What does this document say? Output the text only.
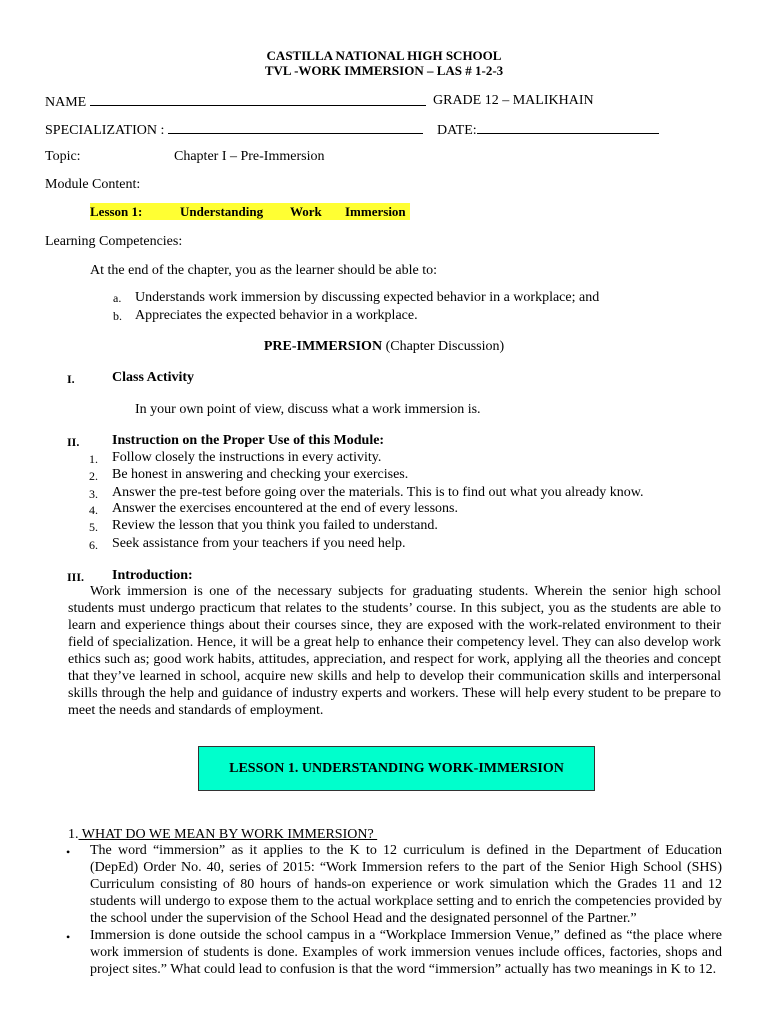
CASTILLA NATIONAL HIGH SCHOOL
TVL -WORK IMMERSION – LAS # 1-2-3
NAME	GRADE 12 – MALIKHAIN
SPECIALIZATION :	DATE:
Topic:	Chapter I – Pre-Immersion
Module Content:
Lesson 1:	Understanding Work Immersion
Learning Competencies:
At the end of the chapter, you as the learner should be able to:
a. Understands work immersion by discussing expected behavior in a workplace; and
b. Appreciates the expected behavior in a workplace.
PRE-IMMERSION (Chapter Discussion)
I.	Class Activity
In your own point of view, discuss what a work immersion is.
II. Instruction on the Proper Use of this Module:
1. Follow closely the instructions in every activity.
2. Be honest in answering and checking your exercises.
3. Answer the pre-test before going over the materials. This is to find out what you already know.
4. Answer the exercises encountered at the end of every lessons.
5. Review the lesson that you think you failed to understand.
6. Seek assistance from your teachers if you need help.
III. Introduction:
Work immersion is one of the necessary subjects for graduating students. Wherein the senior high school students must undergo practicum that relates to the students’ course. In this subject, you as the students are able to learn and experience things about their courses since, they are exposed with the work-related environment to their field of specialization. Hence, it will be a great help to enhance their competency level. They can also develop work ethics such as; good work habits, attitudes, appreciation, and respect for work, applying all the theories and concept that they’ve learned in school, acquire new skills and help to develop their communication skills and interpersonal skills through the help and guidance of industry experts and workers. These will help every student to be prepare to meet the needs and standards of employment.
LESSON 1. UNDERSTANDING WORK-IMMERSION
1. WHAT DO WE MEAN BY WORK IMMERSION?
• The word “immersion” as it applies to the K to 12 curriculum is defined in the Department of Education (DepEd) Order No. 40, series of 2015: “Work Immersion refers to the part of the Senior High School (SHS) Curriculum consisting of 80 hours of hands-on experience or work simulation which the Grades 11 and 12 students will undergo to expose them to the actual workplace setting and to enrich the competencies provided by the school under the supervision of the School Head and the designated personnel of the Partner.”
• Immersion is done outside the school campus in a “Workplace Immersion Venue,” defined as “the place where work immersion of students is done. Examples of work immersion venues include offices, factories, shops and project sites.” What could lead to confusion is that the word “immersion” actually has two meanings in K to 12.
